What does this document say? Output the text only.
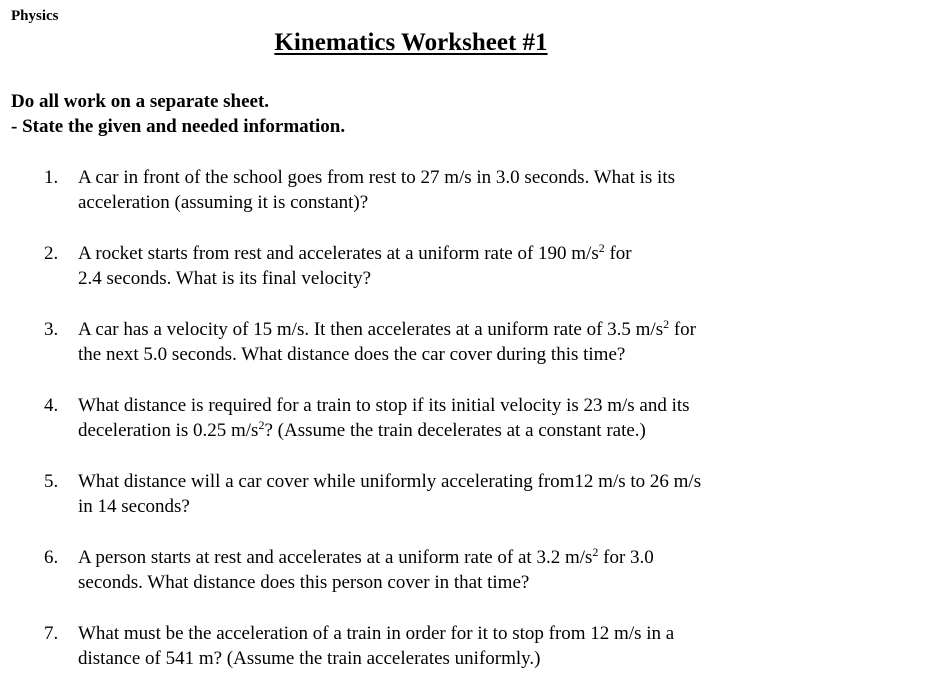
Physics
Kinematics Worksheet #1
Do all work on a separate sheet.
- State the given and needed information.
1. A car in front of the school goes from rest to 27 m/s in 3.0 seconds. What is its
acceleration (assuming it is constant)?
2. A rocket starts from rest and accelerates at a uniform rate of 190 $m/s^2$ for
2.4 seconds. What is its final velocity?
3. A car has a velocity of 15 m/s. It then accelerates at a uniform rate of 3.5 $m/s^2$ for
the next 5.0 seconds. What distance does the car cover during this time?
4. What distance is required for a train to stop if its initial velocity is 23 m/s and its
deceleration is 0.25 $m/s^2$? (Assume the train decelerates at a constant rate.)
5. What distance will a car cover while uniformly accelerating from12 m/s to 26 m/s
in 14 seconds?
6. A person starts at rest and accelerates at a uniform rate of at 3.2 $m/s^2$ for 3.0
seconds. What distance does this person cover in that time?
7. What must be the acceleration of a train in order for it to stop from 12 m/s in a
distance of 541 m? (Assume the train accelerates uniformly.)
